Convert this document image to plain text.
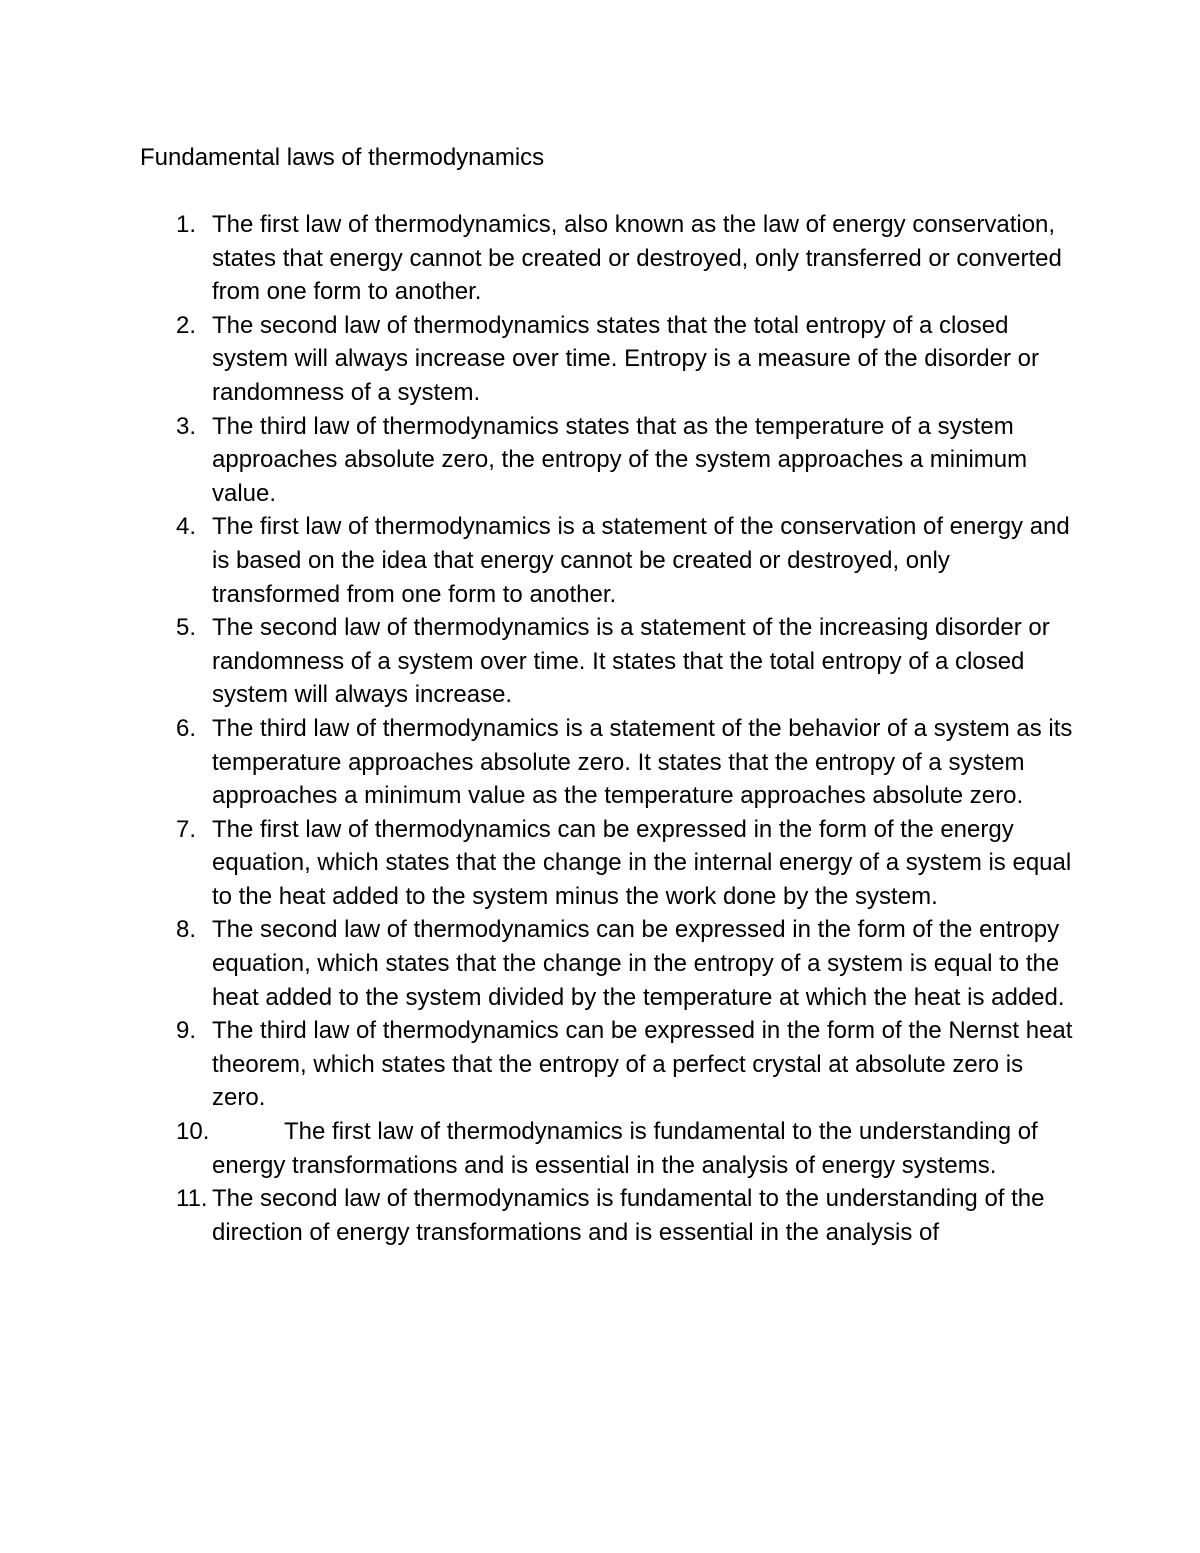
Fundamental laws of thermodynamics
1. The first law of thermodynamics, also known as the law of energy conservation, states that energy cannot be created or destroyed, only transferred or converted from one form to another.
2. The second law of thermodynamics states that the total entropy of a closed system will always increase over time. Entropy is a measure of the disorder or randomness of a system.
3. The third law of thermodynamics states that as the temperature of a system approaches absolute zero, the entropy of the system approaches a minimum value.
4. The first law of thermodynamics is a statement of the conservation of energy and is based on the idea that energy cannot be created or destroyed, only transformed from one form to another.
5. The second law of thermodynamics is a statement of the increasing disorder or randomness of a system over time. It states that the total entropy of a closed system will always increase.
6. The third law of thermodynamics is a statement of the behavior of a system as its temperature approaches absolute zero. It states that the entropy of a system approaches a minimum value as the temperature approaches absolute zero.
7. The first law of thermodynamics can be expressed in the form of the energy equation, which states that the change in the internal energy of a system is equal to the heat added to the system minus the work done by the system.
8. The second law of thermodynamics can be expressed in the form of the entropy equation, which states that the change in the entropy of a system is equal to the heat added to the system divided by the temperature at which the heat is added.
9. The third law of thermodynamics can be expressed in the form of the Nernst heat theorem, which states that the entropy of a perfect crystal at absolute zero is zero.
10.	The first law of thermodynamics is fundamental to the understanding of energy transformations and is essential in the analysis of energy systems.
11. The second law of thermodynamics is fundamental to the understanding of the direction of energy transformations and is essential in the analysis of
